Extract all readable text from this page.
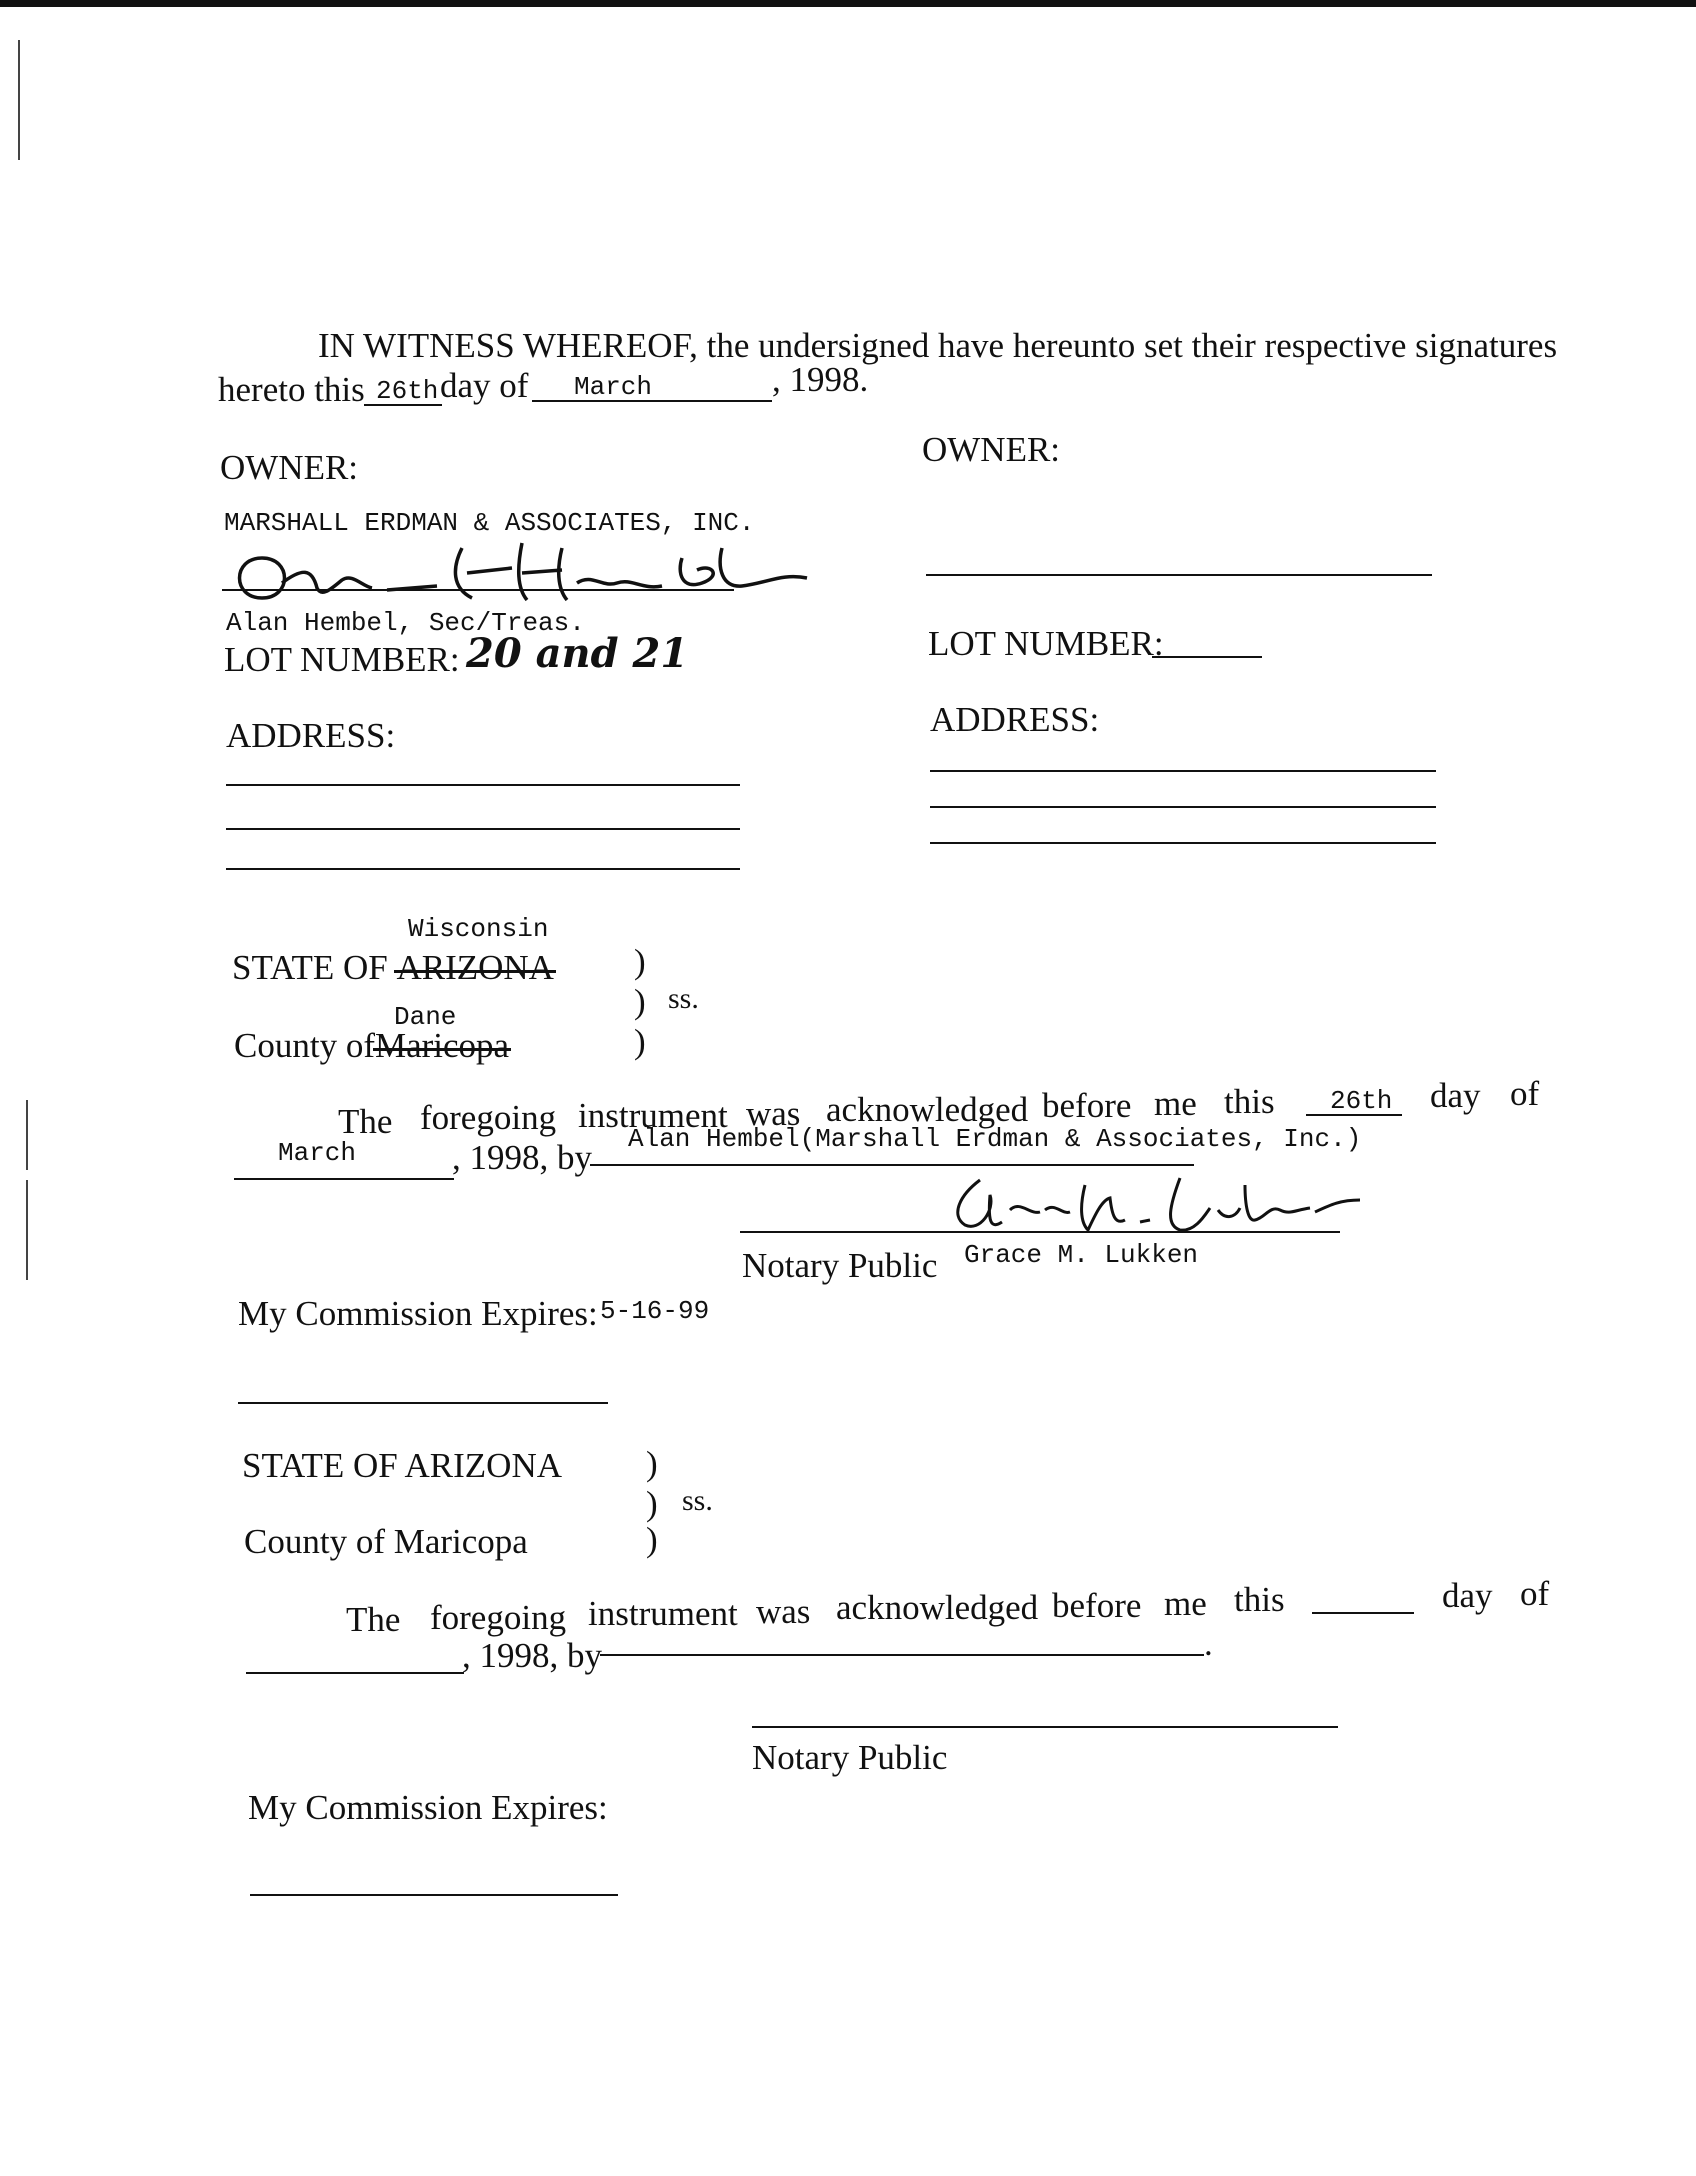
IN WITNESS WHEREOF, the undersigned have hereunto set their respective signatures
hereto this 26th day of March	, 1998.
OWNER:
MARSHALL ERDMAN & ASSOCIATES, INC.
Alan Hembel, Sec/Treas.
LOT NUMBER: 20 and 21
ADDRESS:
OWNER:
LOT NUMBER:
ADDRESS:
Wisconsin
STATE OF ARIZONA )
) ss.
)
Dane
County ofMaricopa
The foregoing instrument was acknowledged before me this 26th day of
March	, 1998, by Alan Hembel(Marshall Erdman & Associates, Inc.)
Notary Public Grace M. Lukken
My Commission Expires: 5-16-99
STATE OF ARIZONA )
) ss.
)
County of Maricopa
The foregoing instrument was acknowledged before me this	day of
, 1998, by	.
Notary Public
My Commission Expires:
